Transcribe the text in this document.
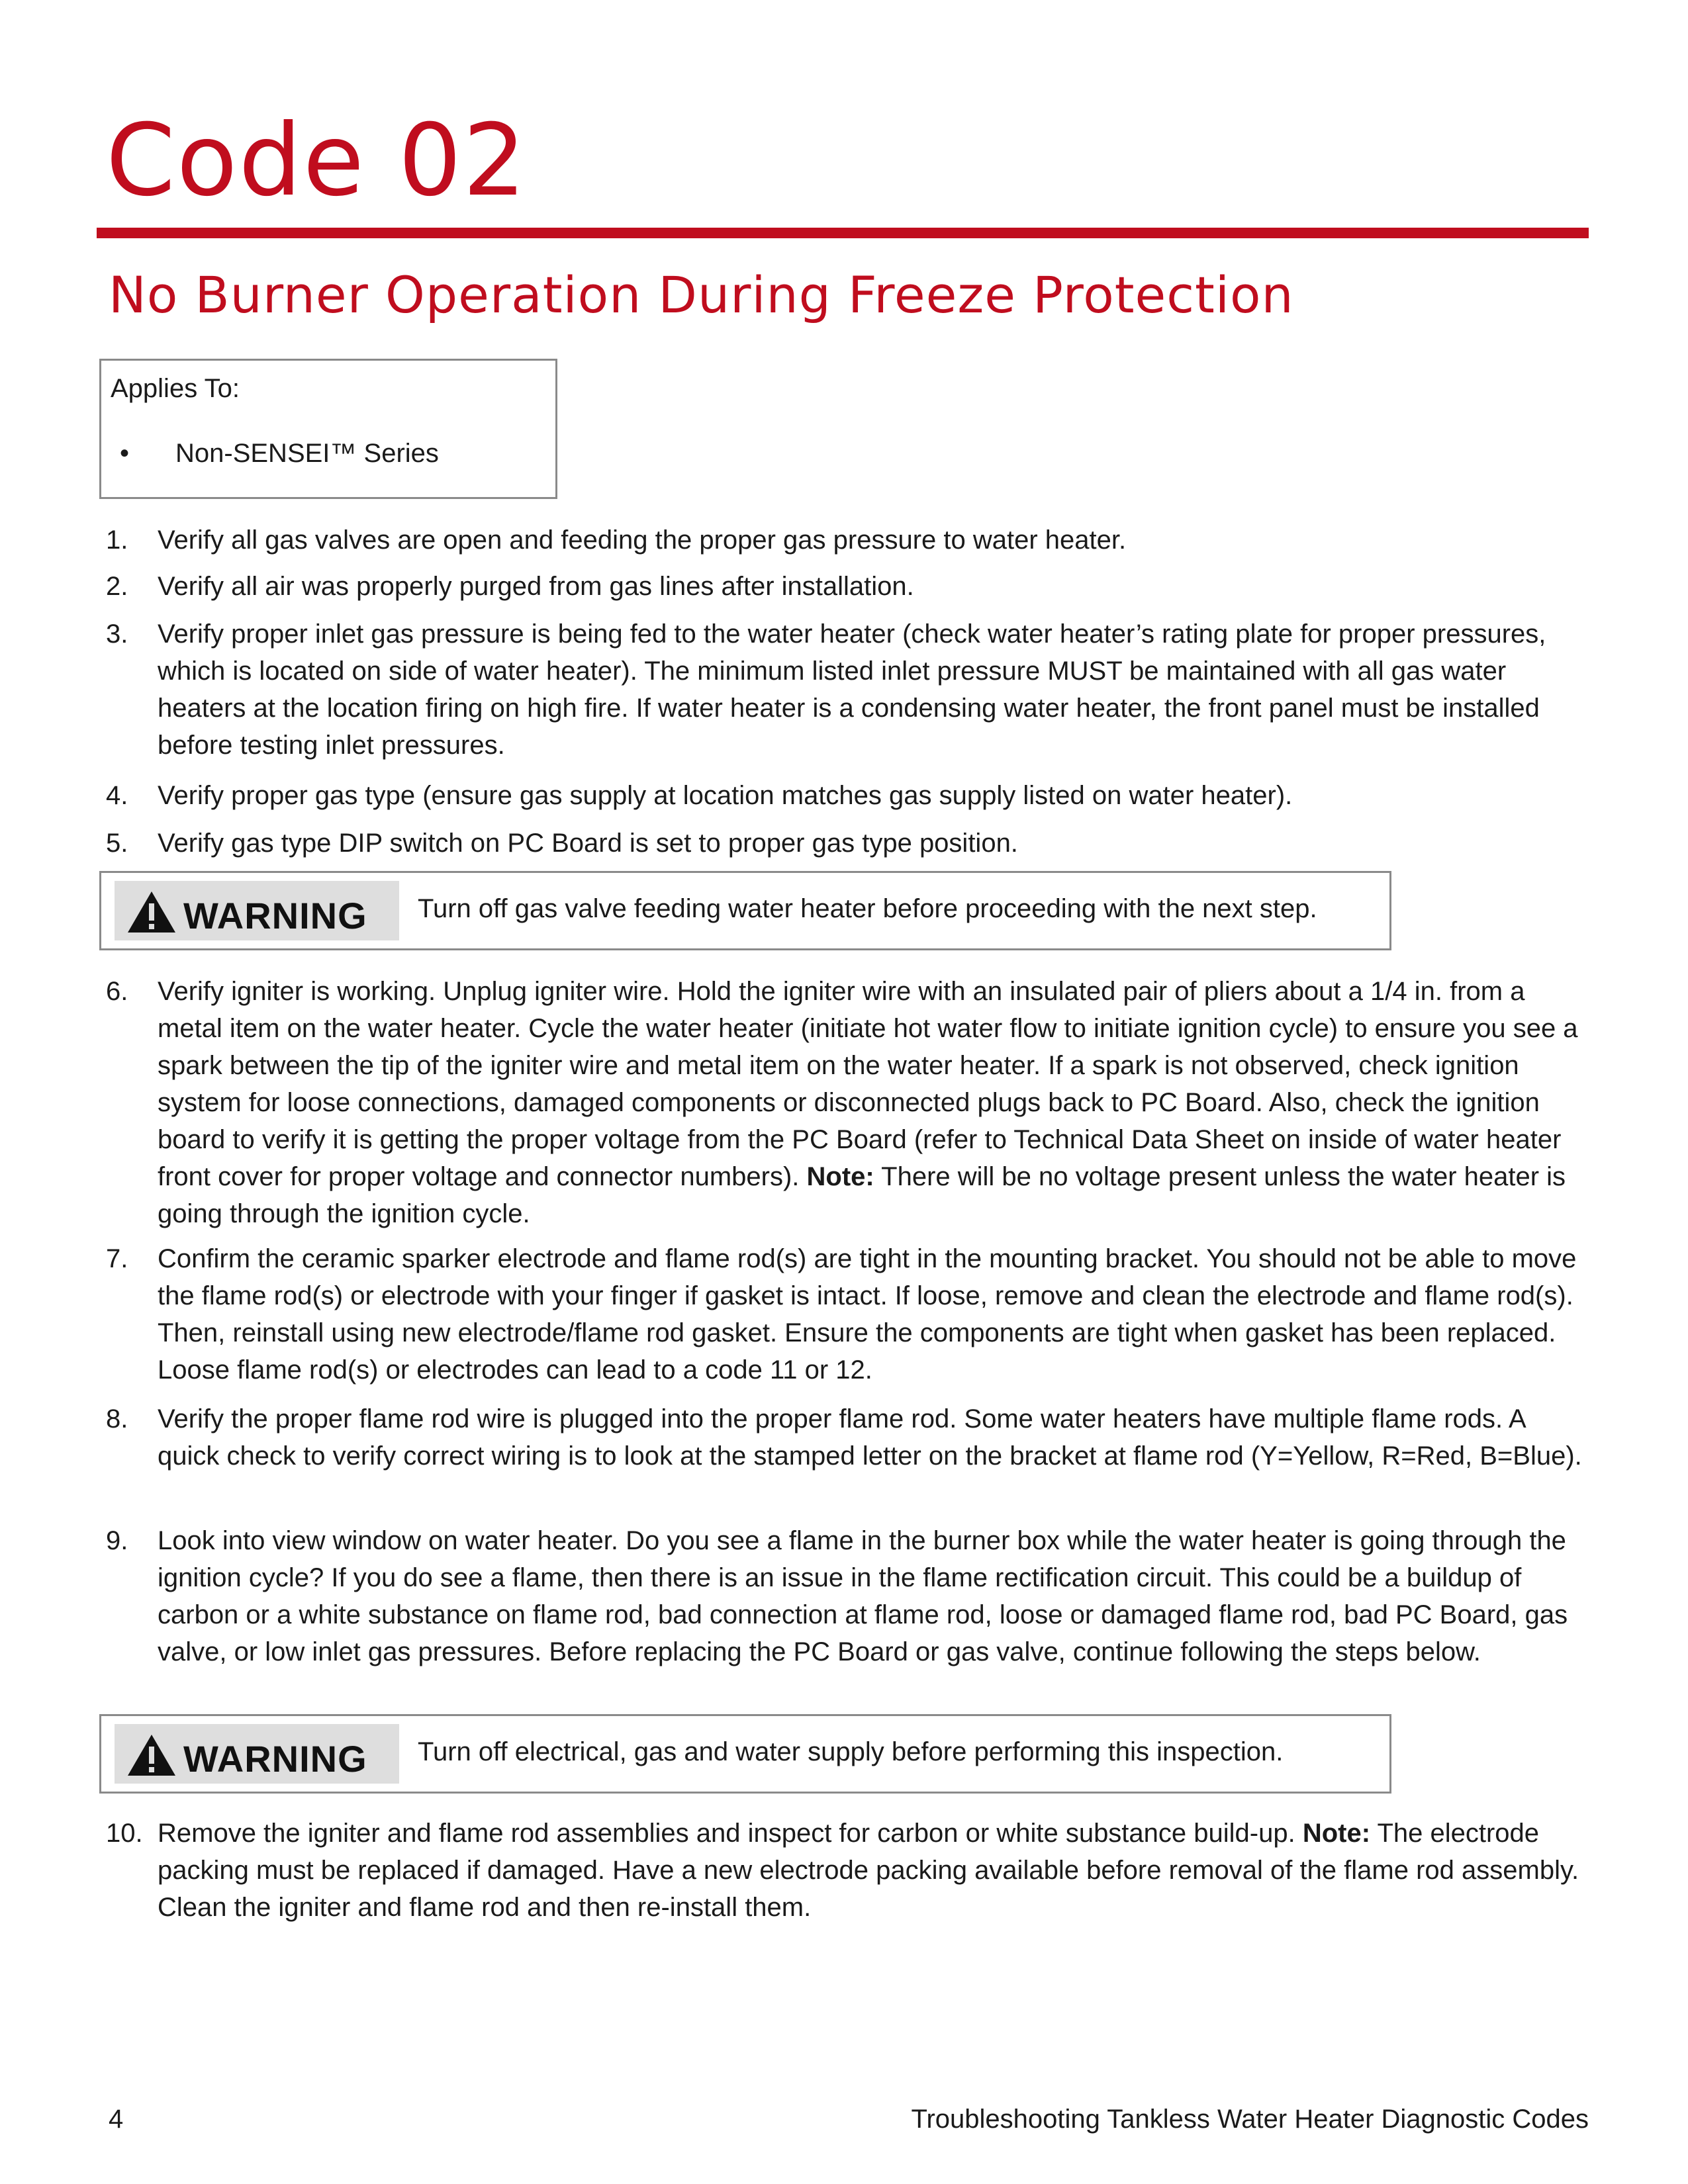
Code 02
No Burner Operation During Freeze Protection
Applies To:
• Non-SENSEI™ Series
1.	Verify all gas valves are open and feeding the proper gas pressure to water heater.
2.	Verify all air was properly purged from gas lines after installation.
3.	Verify proper inlet gas pressure is being fed to the water heater (check water heater’s rating plate for proper pressures, which is located on side of water heater). The minimum listed inlet pressure MUST be maintained with all gas water heaters at the location firing on high fire. If water heater is a condensing water heater, the front panel must be installed before testing inlet pressures.
4.	Verify proper gas type (ensure gas supply at location matches gas supply listed on water heater).
5.	Verify gas type DIP switch on PC Board is set to proper gas type position.
WARNING Turn off gas valve feeding water heater before proceeding with the next step.
6.	Verify igniter is working. Unplug igniter wire. Hold the igniter wire with an insulated pair of pliers about a 1/4 in. from a metal item on the water heater. Cycle the water heater (initiate hot water flow to initiate ignition cycle) to ensure you see a spark between the tip of the igniter wire and metal item on the water heater. If a spark is not observed, check ignition system for loose connections, damaged components or disconnected plugs back to PC Board. Also, check the ignition board to verify it is getting the proper voltage from the PC Board (refer to Technical Data Sheet on inside of water heater front cover for proper voltage and connector numbers). Note: There will be no voltage present unless the water heater is going through the ignition cycle.
7.	Confirm the ceramic sparker electrode and flame rod(s) are tight in the mounting bracket. You should not be able to move the flame rod(s) or electrode with your finger if gasket is intact. If loose, remove and clean the electrode and flame rod(s). Then, reinstall using new electrode/flame rod gasket. Ensure the components are tight when gasket has been replaced. Loose flame rod(s) or electrodes can lead to a code 11 or 12.
8.	Verify the proper flame rod wire is plugged into the proper flame rod. Some water heaters have multiple flame rods. A quick check to verify correct wiring is to look at the stamped letter on the bracket at flame rod (Y=Yellow, R=Red, B=Blue).
9.	Look into view window on water heater. Do you see a flame in the burner box while the water heater is going through the ignition cycle? If you do see a flame, then there is an issue in the flame rectification circuit. This could be a buildup of carbon or a white substance on flame rod, bad connection at flame rod, loose or damaged flame rod, bad PC Board, gas valve, or low inlet gas pressures. Before replacing the PC Board or gas valve, continue following the steps below.
WARNING Turn off electrical, gas and water supply before performing this inspection.
10. Remove the igniter and flame rod assemblies and inspect for carbon or white substance build-up. Note: The electrode packing must be replaced if damaged. Have a new electrode packing available before removal of the flame rod assembly. Clean the igniter and flame rod and then re-install them.
4	Troubleshooting Tankless Water Heater Diagnostic Codes
